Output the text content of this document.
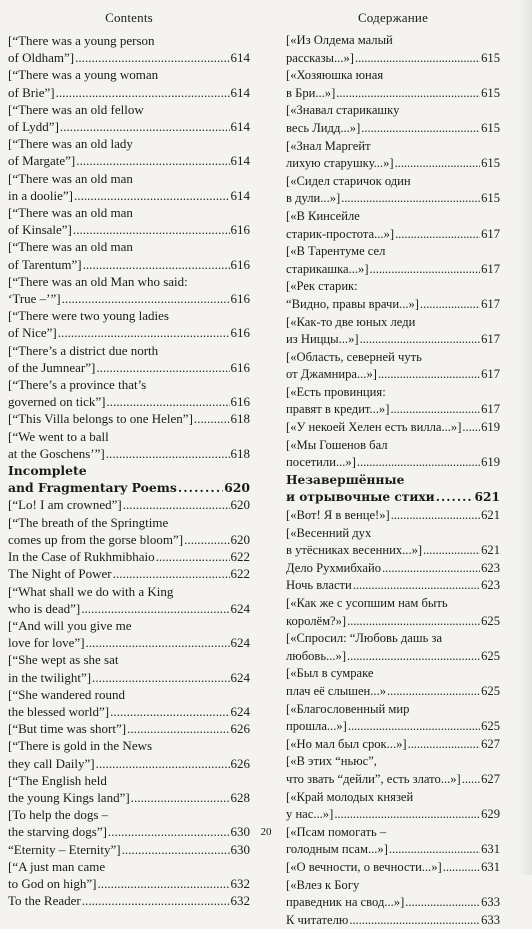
Contents
[“There was a young person
of Oldham”] . . .	614
[“There was a young woman
of Brie”] . . .	614
[“There was an old fellow
of Lydd”] . . .	614
[“There was an old lady
of Margate”] . . .	614
[“There was an old man
in a doolie”] . . .	614
[“There was an old man
of Kinsale”] . . .	616
[“There was an old man
of Tarentum”] . . .	616
[“There was an old Man who said:
‘True –’”] . . .	616
[“There were two young ladies
of Nice”] . . .	616
[“There’s a district due north
of the Jumnear”] . . .	616
[“There’s a province that’s
governed on tick”] . . .	616
[“This Villa belongs to one Helen”] . . .	618
[“We went to a ball
at the Goschens’”] . . .	618
Incomplete
and Fragmentary Poems . . .	620
[“Lo! I am crowned”] . . .	620
[“The breath of the Springtime
comes up from the gorse bloom”] . . .	620
In the Case of Rukhmibhaio . . .	622
The Night of Power . . .	622
[“What shall we do with a King
who is dead”] . . .	624
[“And will you give me
love for love”] . . .	624
[“She wept as she sat
in the twilight”] . . .	624
[“She wandered round
the blessed world”] . . .	624
[“But time was short”] . . .	626
[“There is gold in the News
they call Daily”] . . .	626
[“The English held
the young Kings land”] . . .	628
[To help the dogs –
the starving dogs”] . . .	630
“Eternity – Eternity”] . . .	630
[“A just man came
to God on high”] . . .	632
To the Reader . . .	632
Содержание
[«Из Олдема малый
рассказы...»] . . .	615
[«Хозяюшка юная
в Бри...»] . . .	615
[«Знавал старикашку
весь Лидд...»] . . .	615
[«Знал Маргейт
лихую старушку...»] . . .	615
[«Сидел старичок один
в дули...»] . . .	615
[«В Кинсейле
старик-простота...»] . . .	617
[«В Тарентуме сел
старикашка...»] . . .	617
[«Рек старик:
“Видно, правы врачи...»] . . .	617
[«Как-то две юных леди
из Ниццы...»] . . .	617
[«Область, северней чуть
от Джамнира...»] . . .	617
[«Есть провинция:
правят в кредит...»] . . .	617
[«У некоей Хелен есть вилла...»] . . . 619
[«Мы Гошенов бал
посетили...»] . . .	619
Незавершённые
и отрывочные стихи . . .	621
[«Вот! Я в венце!»] . . .	621
[«Весенний дух
в утёсниках весенних...»] . . .	621
Дело Рухмибхайо . . .	623
Ночь власти . . .	623
[«Как же с усопшим нам быть
королём?»] . . .	625
[«Спросил: “Любовь дашь за
любовь...»] . . .	625
[«Был в сумраке
плач её слышен...» . . .	625
[«Благословенный мир
прошла...»] . . .	625
[«Но мал был срок...»] . . .	627
[«В этих “ньюс”,
что звать “дейли”, есть злато...»] . . . 627
[«Край молодых князей
у нас...»] . . .	629
[«Псам помогать –
голодным псам...»] . . .	631
[«О вечности, о вечности...»] . . .	631
[«Влез к Богу
праведник на свод...»] . . .	633
К читателю . . .	633
20
